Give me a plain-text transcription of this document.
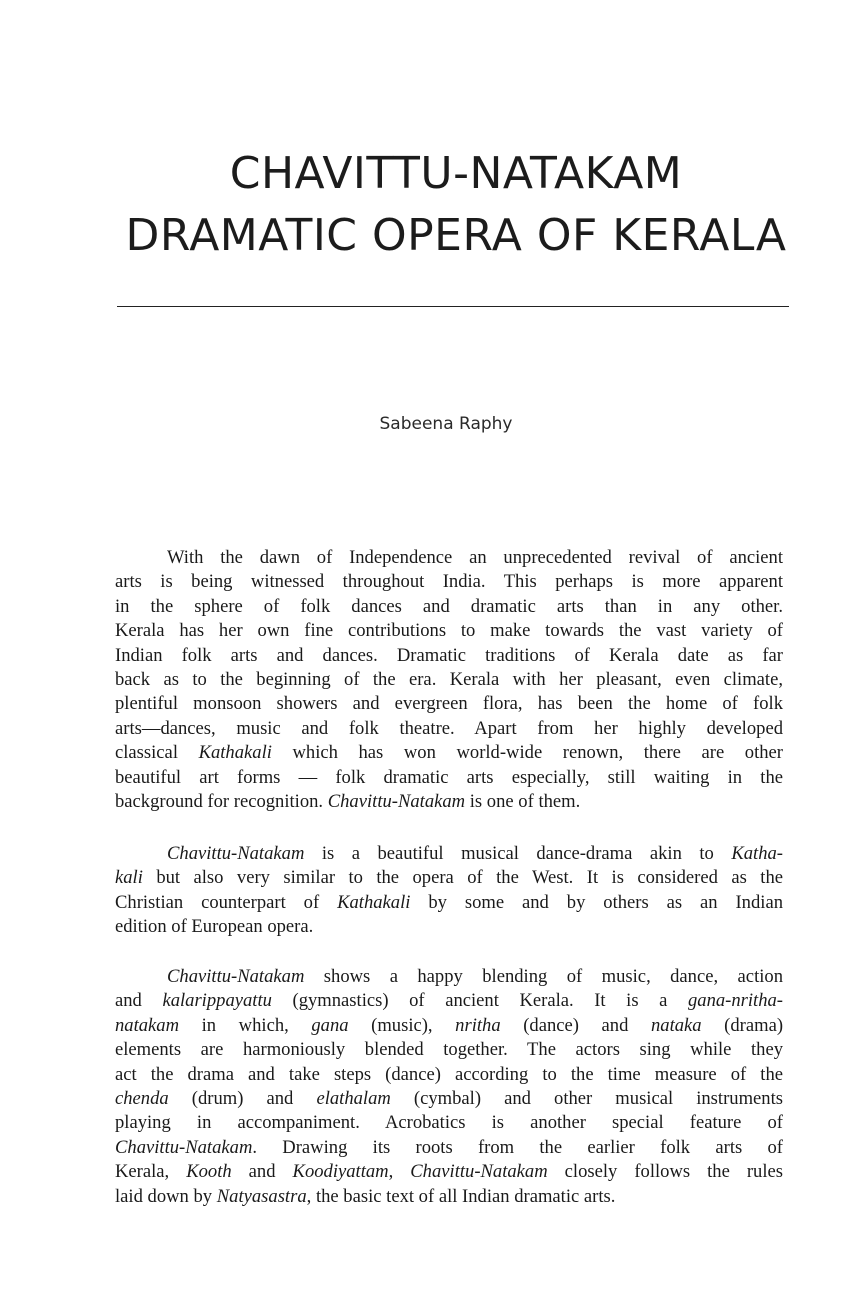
CHAVITTU-NATAKAM
DRAMATIC OPERA OF KERALA
Sabeena Raphy
With the dawn of Independence an unprecedented revival of ancient
arts is being witnessed throughout India. This perhaps is more apparent
in the sphere of folk dances and dramatic arts than in any other.
Kerala has her own fine contributions to make towards the vast variety of
Indian folk arts and dances. Dramatic traditions of Kerala date as far
back as to the beginning of the era. Kerala with her pleasant, even climate,
plentiful monsoon showers and evergreen flora, has been the home of folk
arts—dances, music and folk theatre. Apart from her highly developed
classical Kathakali which has won world-wide renown, there are other
beautiful art forms — folk dramatic arts especially, still waiting in the
background for recognition. Chavittu-Natakam is one of them.
Chavittu-Natakam is a beautiful musical dance-drama akin to Katha-
kali but also very similar to the opera of the West. It is considered as the
Christian counterpart of Kathakali by some and by others as an Indian
edition of European opera.
Chavittu-Natakam shows a happy blending of music, dance, action
and kalarippayattu (gymnastics) of ancient Kerala. It is a gana-nritha-
natakam in which, gana (music), nritha (dance) and nataka (drama)
elements are harmoniously blended together. The actors sing while they
act the drama and take steps (dance) according to the time measure of the
chenda (drum) and elathalam (cymbal) and other musical instruments
playing in accompaniment. Acrobatics is another special feature of
Chavittu-Natakam. Drawing its roots from the earlier folk arts of
Kerala, Kooth and Koodiyattam, Chavittu-Natakam closely follows the rules
laid down by Natyasastra, the basic text of all Indian dramatic arts.
